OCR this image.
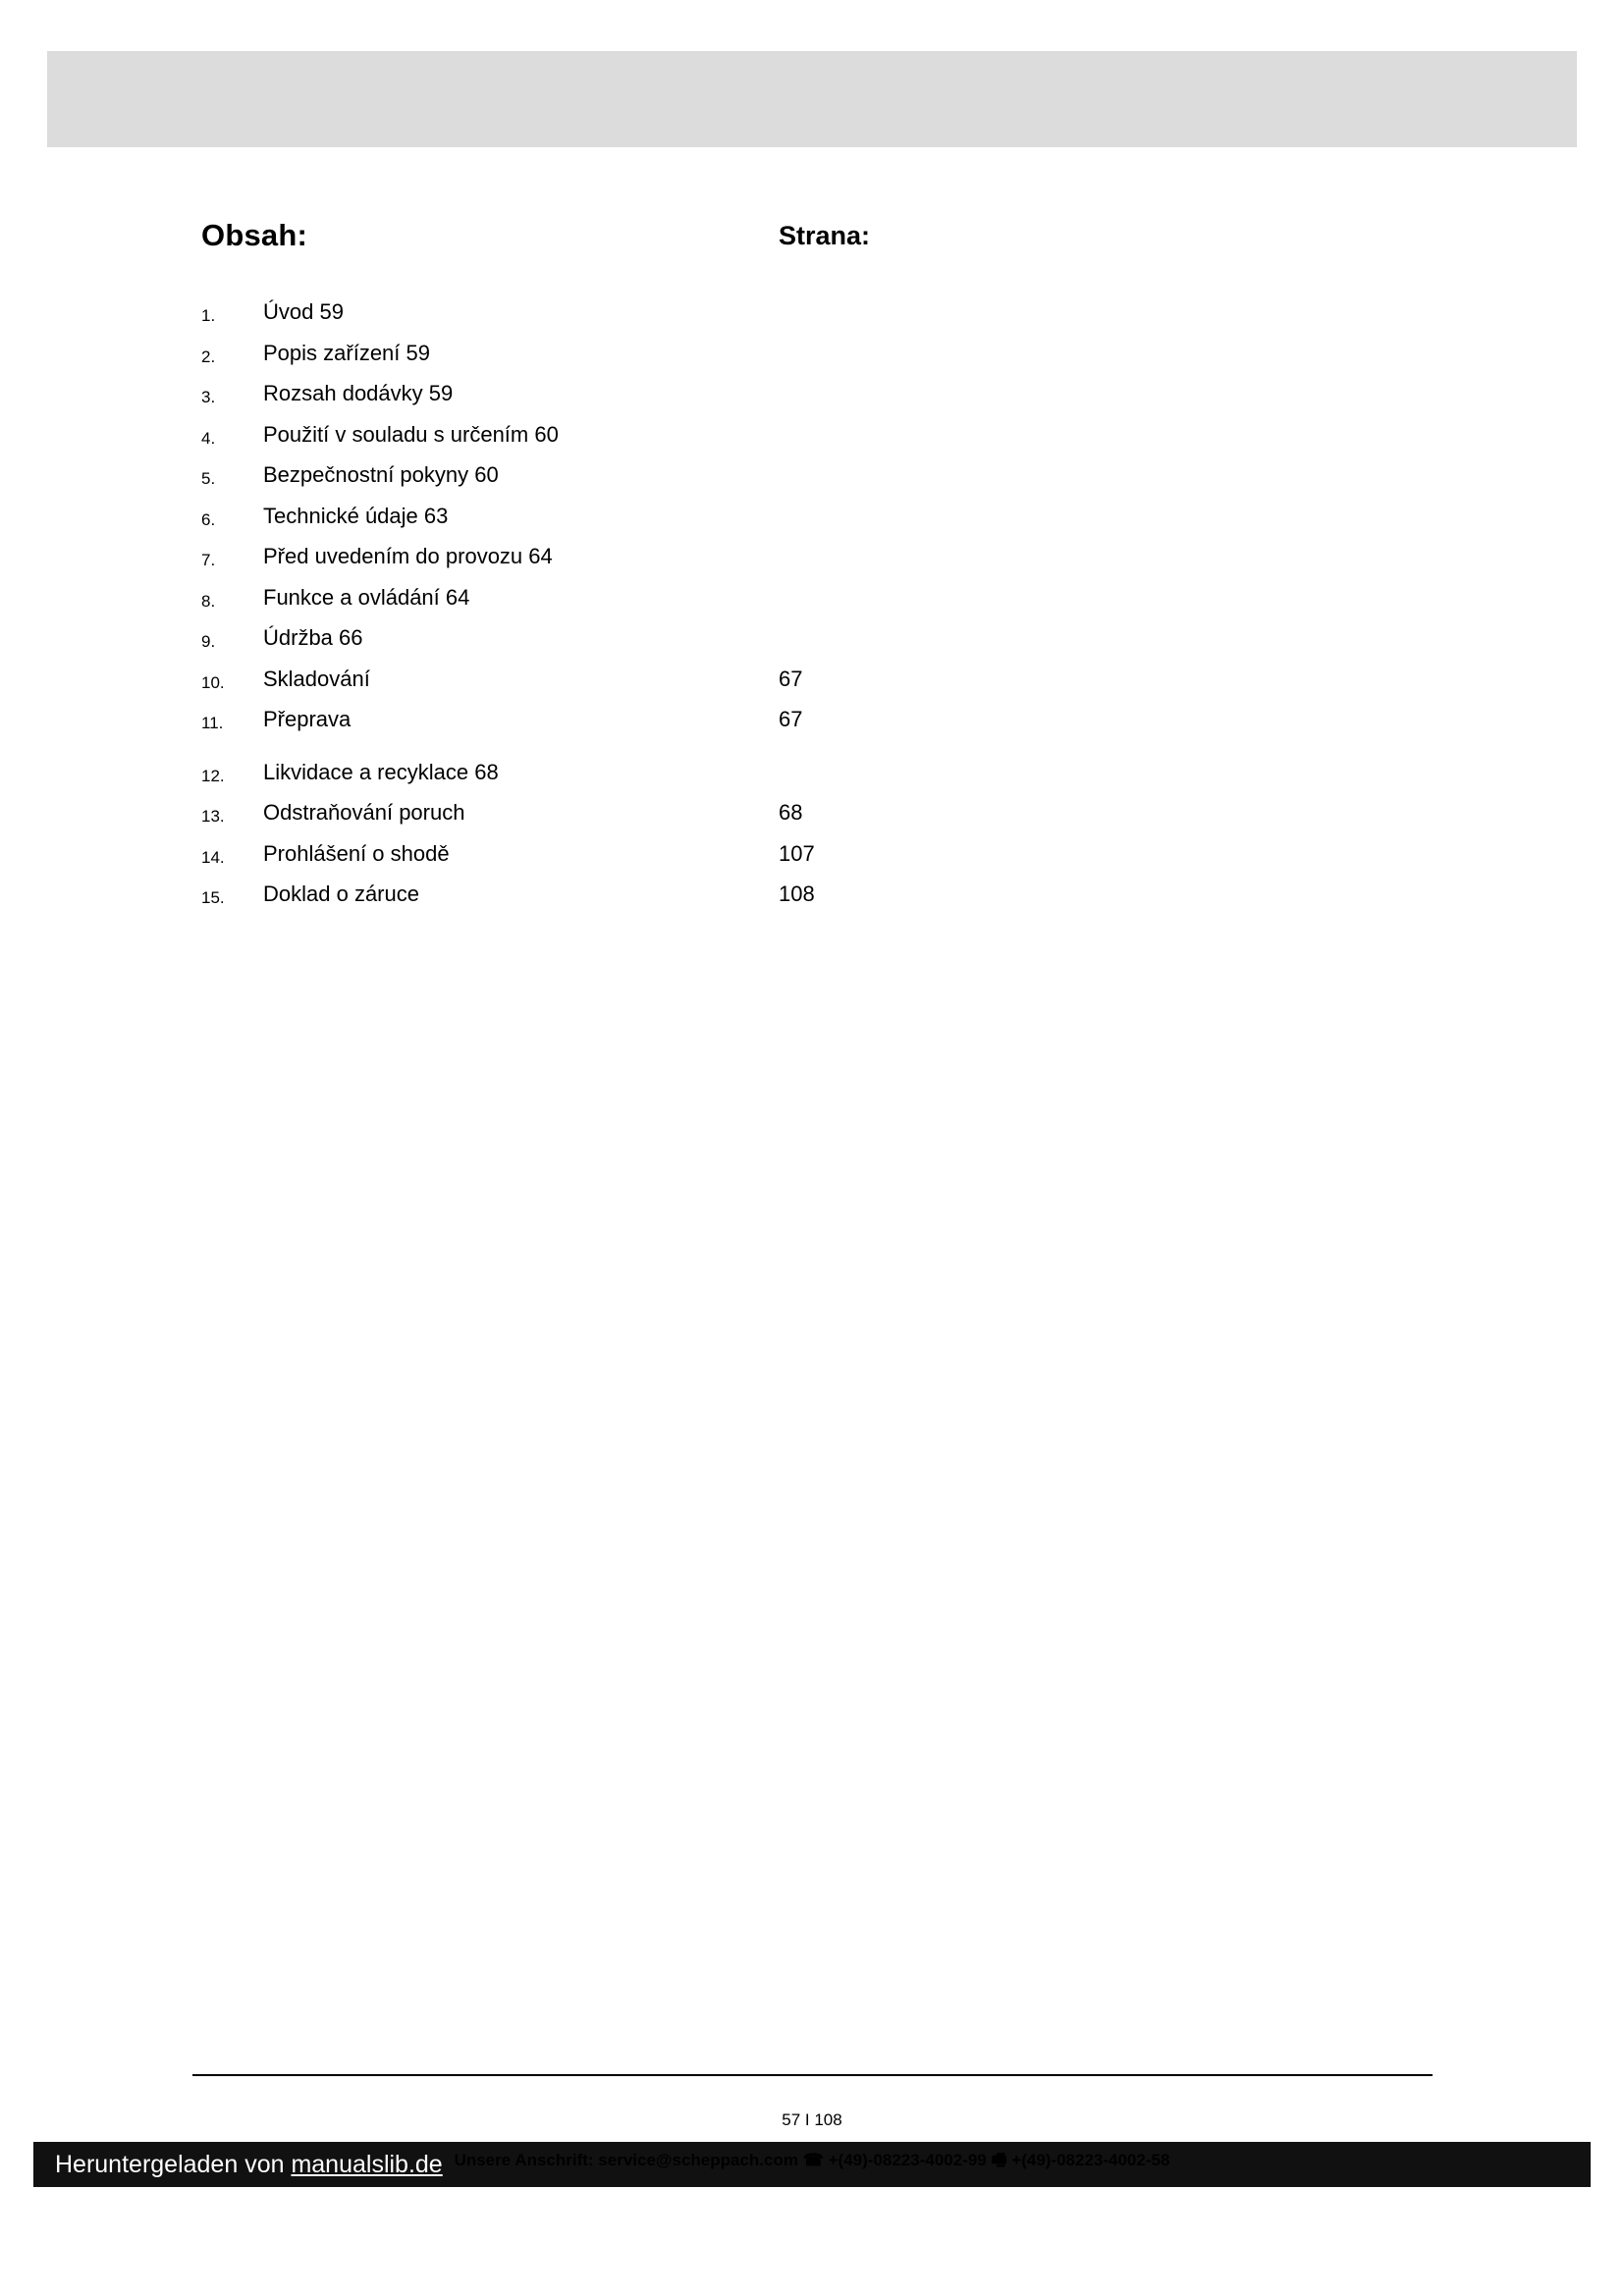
Obsah:	Strana:
1.	Úvod 59
2.	Popis zařízení 59
3.	Rozsah dodávky 59
4.	Použití v souladu s určením 60
5.	Bezpečnostní pokyny 60
6.	Technické údaje 63
7.	Před uvedením do provozu 64
8.	Funkce a ovládání 64
9.	Údržba 66
10.	Skladování	67
11.	Přeprava	67
12.	Likvidace a recyklace 68
13.	Odstraňování poruch	68
14.	Prohlášení o shodě	107
15.	Doklad o záruce	108
57 I 108
Unsere Anschrift: service@scheppach.com ☎ +(49)-08223-4002-99 🖷 +(49)-08223-4002-58
Heruntergeladen von manualslib.de
